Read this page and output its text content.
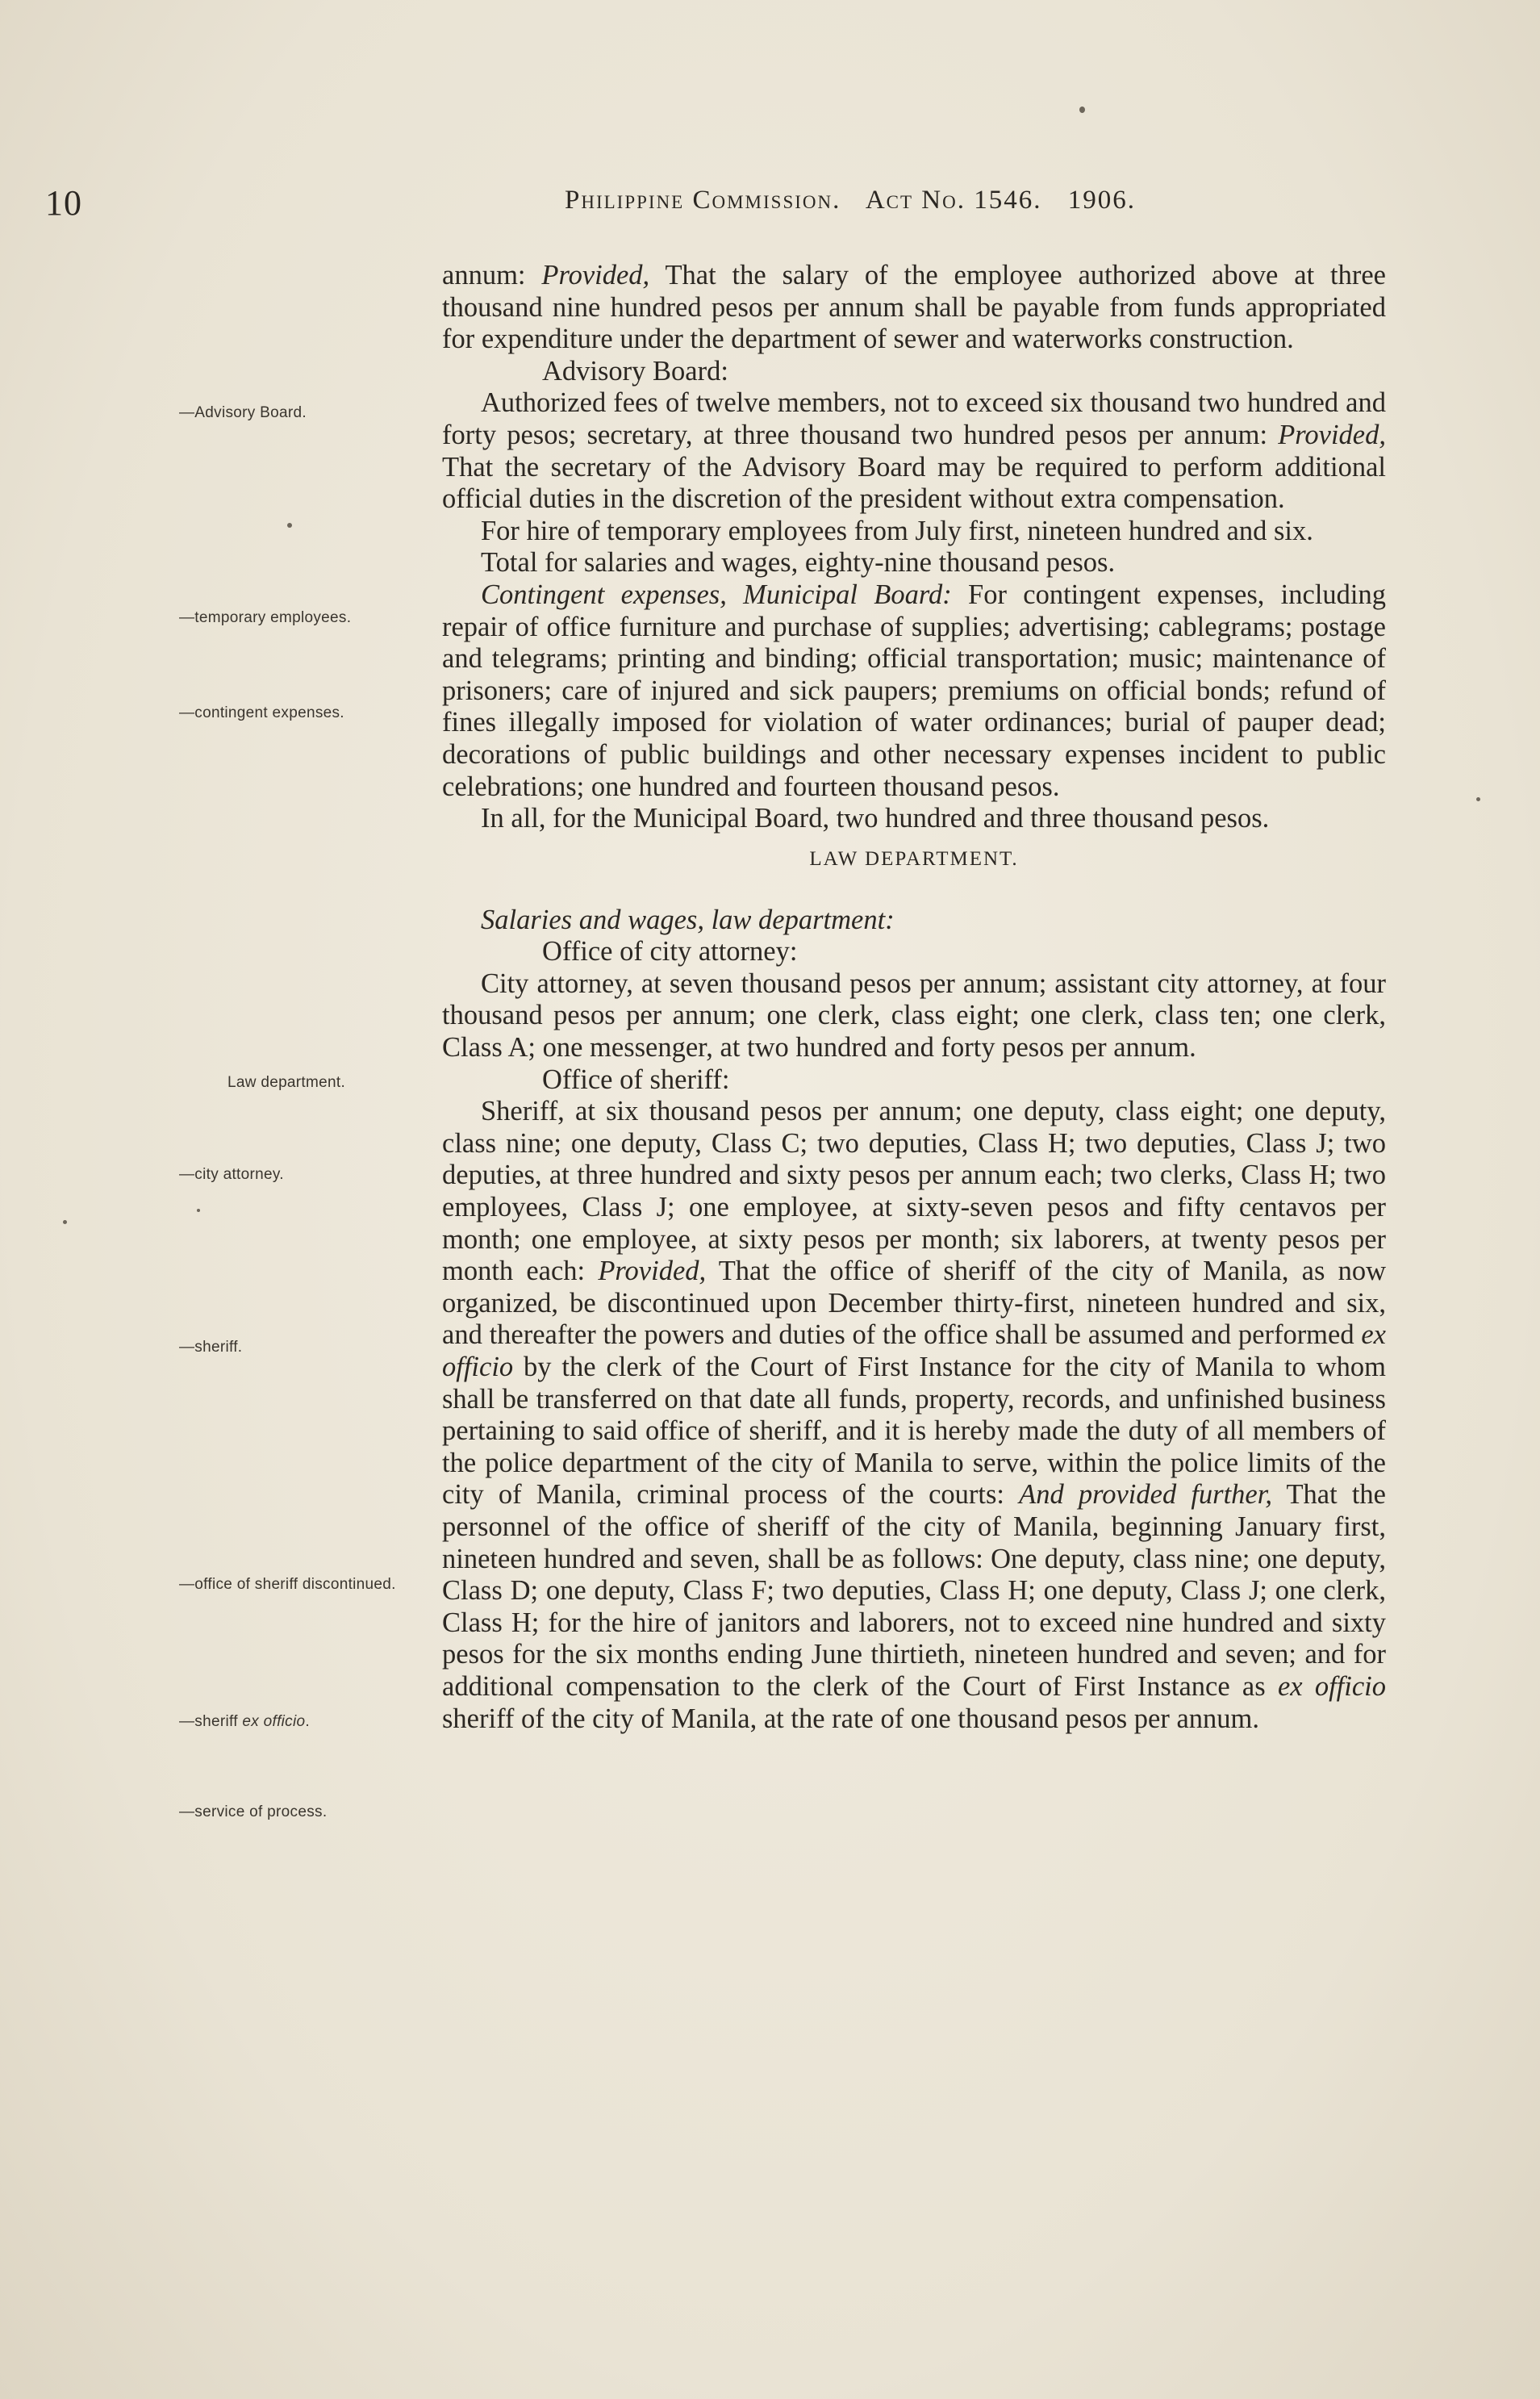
10	Philippine Commission. Act No. 1546. 1906.
—Advisory Board.
—temporary employees.
—contingent expenses.
Law department.
—city attorney.
—sheriff.
—office of sheriff discontinued.
—sheriff ex officio.
—service of process.

annum: Provided, That the salary of the employee authorized above at three thousand nine hundred pesos per annum shall be payable from funds appropriated for expenditure under the department of sewer and waterworks construction.

Advisory Board:

Authorized fees of twelve members, not to exceed six thousand two hundred and forty pesos; secretary, at three thousand two hundred pesos per annum: Provided, That the secretary of the Advisory Board may be required to perform additional official duties in the discretion of the president without extra compensation.

For hire of temporary employees from July first, nineteen hundred and six.

Total for salaries and wages, eighty-nine thousand pesos.

Contingent expenses, Municipal Board: For contingent expenses, including repair of office furniture and purchase of supplies; advertising; cablegrams; postage and telegrams; printing and binding; official transportation; music; maintenance of prisoners; care of injured and sick paupers; premiums on official bonds; refund of fines illegally imposed for violation of water ordinances; burial of pauper dead; decorations of public buildings and other necessary expenses incident to public celebrations; one hundred and fourteen thousand pesos.

In all, for the Municipal Board, two hundred and three thousand pesos.

LAW DEPARTMENT.

Salaries and wages, law department:

Office of city attorney:

City attorney, at seven thousand pesos per annum; assistant city attorney, at four thousand pesos per annum; one clerk, class eight; one clerk, class ten; one clerk, Class A; one messenger, at two hundred and forty pesos per annum.

Office of sheriff:

Sheriff, at six thousand pesos per annum; one deputy, class eight; one deputy, class nine; one deputy, Class C; two deputies, Class H; two deputies, Class J; two deputies, at three hundred and sixty pesos per annum each; two clerks, Class H; two employees, Class J; one employee, at sixty-seven pesos and fifty centavos per month; one employee, at sixty pesos per month; six laborers, at twenty pesos per month each: Provided, That the office of sheriff of the city of Manila, as now organized, be discontinued upon December thirty-first, nineteen hundred and six, and thereafter the powers and duties of the office shall be assumed and performed ex officio by the clerk of the Court of First Instance for the city of Manila to whom shall be transferred on that date all funds, property, records, and unfinished business pertaining to said office of sheriff, and it is hereby made the duty of all members of the police department of the city of Manila to serve, within the police limits of the city of Manila, criminal process of the courts: And provided further, That the personnel of the office of sheriff of the city of Manila, beginning January first, nineteen hundred and seven, shall be as follows: One deputy, class nine; one deputy, Class D; one deputy, Class F; two deputies, Class H; one deputy, Class J; one clerk, Class H; for the hire of janitors and laborers, not to exceed nine hundred and sixty pesos for the six months ending June thirtieth, nineteen hundred and seven; and for additional compensation to the clerk of the Court of First Instance as ex officio sheriff of the city of Manila, at the rate of one thousand pesos per annum.
